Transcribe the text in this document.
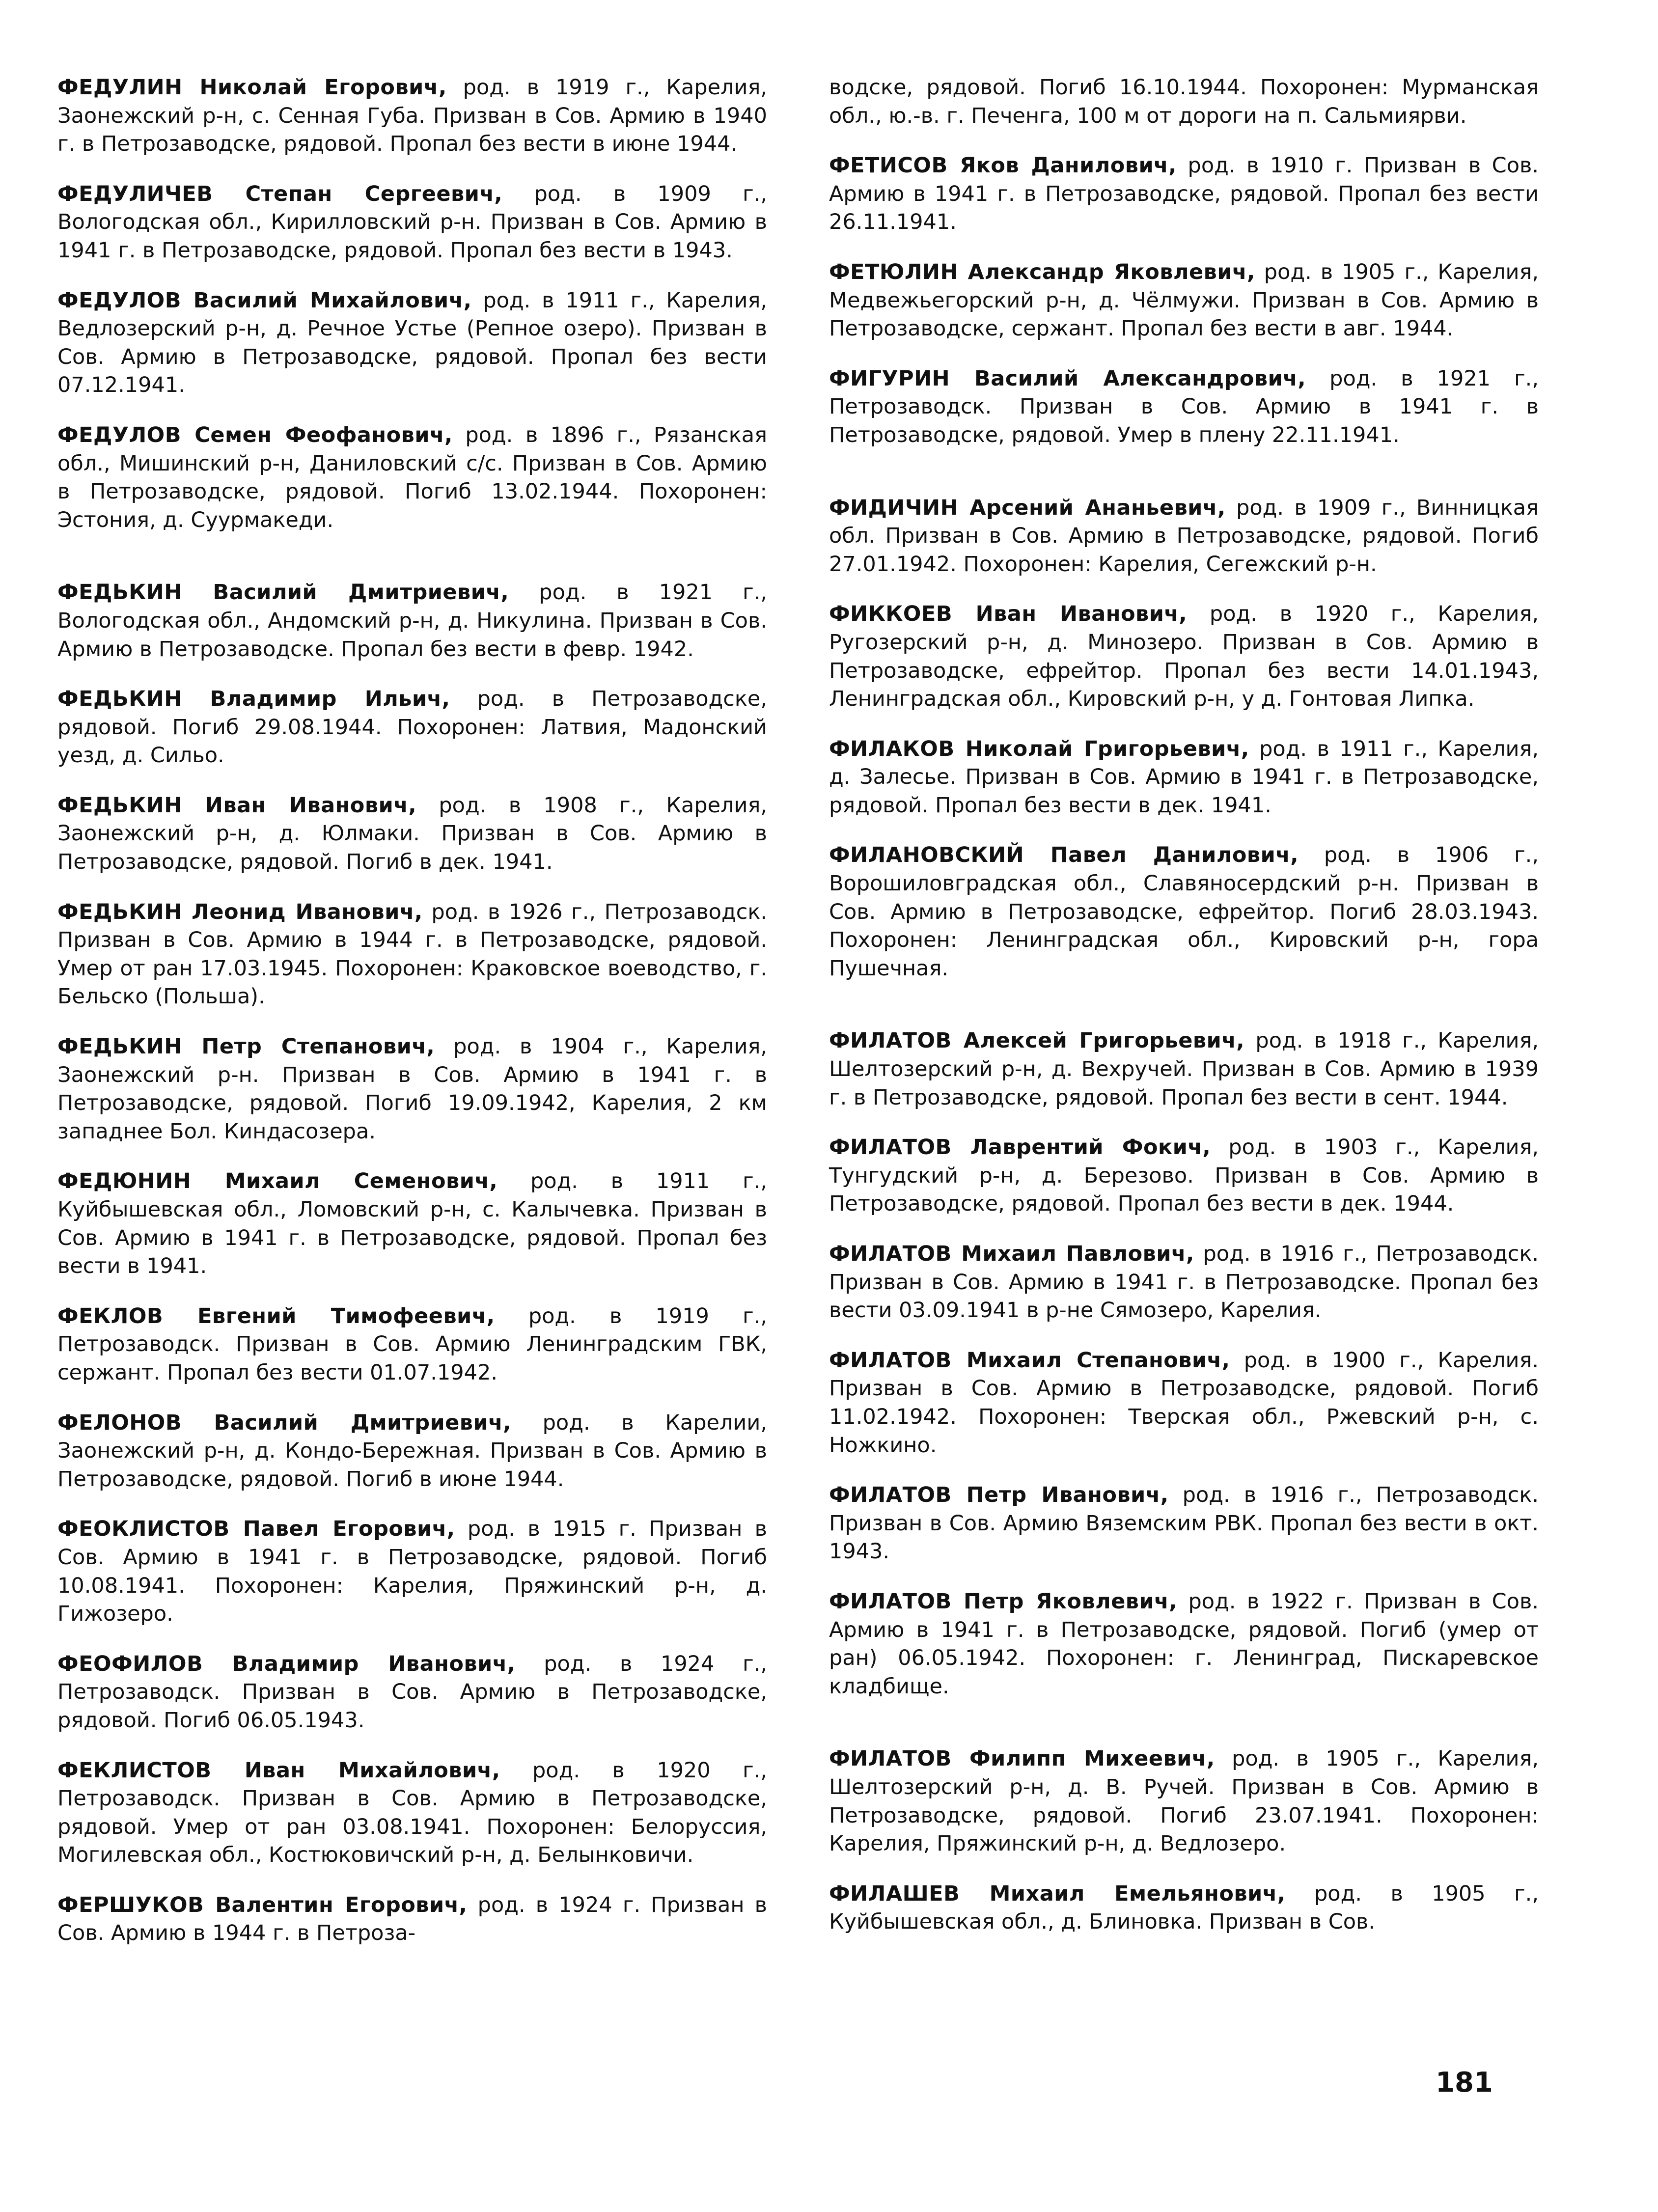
ФЕДУЛИН Николай Егорович, род. в 1919 г., Карелия, Заонежский р-н, с. Сенная Губа. Призван в Сов. Армию в 1940 г. в Петрозаводске, рядовой. Пропал без вести в июне 1944.

ФЕДУЛИЧЕВ Степан Сергеевич, род. в 1909 г., Вологодская обл., Кирилловский р-н. Призван в Сов. Армию в 1941 г. в Петрозаводске, рядовой. Пропал без вести в 1943.

ФЕДУЛОВ Василий Михайлович, род. в 1911 г., Карелия, Ведлозерский р-н, д. Речное Устье (Репное озеро). Призван в Сов. Армию в Петрозаводске, рядовой. Пропал без вести 07.12.1941.

ФЕДУЛОВ Семен Феофанович, род. в 1896 г., Рязанская обл., Мишинский р-н, Даниловский с/с. Призван в Сов. Армию в Петрозаводске, рядовой. Погиб 13.02.1944. Похоронен: Эстония, д. Суурмакеди.

ФЕДЬКИН Василий Дмитриевич, род. в 1921 г., Вологодская обл., Андомский р-н, д. Никулина. Призван в Сов. Армию в Петрозаводске. Пропал без вести в февр. 1942.

ФЕДЬКИН Владимир Ильич, род. в Петрозаводске, рядовой. Погиб 29.08.1944. Похоронен: Латвия, Мадонский уезд, д. Сильо.

ФЕДЬКИН Иван Иванович, род. в 1908 г., Карелия, Заонежский р-н, д. Юлмаки. Призван в Сов. Армию в Петрозаводске, рядовой. Погиб в дек. 1941.

ФЕДЬКИН Леонид Иванович, род. в 1926 г., Петрозаводск. Призван в Сов. Армию в 1944 г. в Петрозаводске, рядовой. Умер от ран 17.03.1945. Похоронен: Краковское воеводство, г. Бельско (Польша).

ФЕДЬКИН Петр Степанович, род. в 1904 г., Карелия, Заонежский р-н. Призван в Сов. Армию в 1941 г. в Петрозаводске, рядовой. Погиб 19.09.1942, Карелия, 2 км западнее Бол. Киндасозера.

ФЕДЮНИН Михаил Семенович, род. в 1911 г., Куйбышевская обл., Ломовский р-н, с. Калычевка. Призван в Сов. Армию в 1941 г. в Петрозаводске, рядовой. Пропал без вести в 1941.

ФЕКЛОВ Евгений Тимофеевич, род. в 1919 г., Петрозаводск. Призван в Сов. Армию Ленинградским ГВК, сержант. Пропал без вести 01.07.1942.

ФЕЛОНОВ Василий Дмитриевич, род. в Карелии, Заонежский р-н, д. Кондо-Бережная. Призван в Сов. Армию в Петрозаводске, рядовой. Погиб в июне 1944.

ФЕОКЛИСТОВ Павел Егорович, род. в 1915 г. Призван в Сов. Армию в 1941 г. в Петрозаводске, рядовой. Погиб 10.08.1941. Похоронен: Карелия, Пряжинский р-н, д. Гижозеро.

ФЕОФИЛОВ Владимир Иванович, род. в 1924 г., Петрозаводск. Призван в Сов. Армию в Петрозаводске, рядовой. Погиб 06.05.1943.

ФЕКЛИСТОВ Иван Михайлович, род. в 1920 г., Петрозаводск. Призван в Сов. Армию в Петрозаводске, рядовой. Умер от ран 03.08.1941. Похоронен: Белоруссия, Могилевская обл., Костюковичский р-н, д. Белынковичи.

ФЕРШУКОВ Валентин Егорович, род. в 1924 г. Призван в Сов. Армию в 1944 г. в Петроза-

водске, рядовой. Погиб 16.10.1944. Похоронен: Мурманская обл., ю.-в. г. Печенга, 100 м от дороги на п. Сальмиярви.

ФЕТИСОВ Яков Данилович, род. в 1910 г. Призван в Сов. Армию в 1941 г. в Петрозаводске, рядовой. Пропал без вести 26.11.1941.

ФЕТЮЛИН Александр Яковлевич, род. в 1905 г., Карелия, Медвежьегорский р-н, д. Чёлмужи. Призван в Сов. Армию в Петрозаводске, сержант. Пропал без вести в авг. 1944.

ФИГУРИН Василий Александрович, род. в 1921 г., Петрозаводск. Призван в Сов. Армию в 1941 г. в Петрозаводске, рядовой. Умер в плену 22.11.1941.

ФИДИЧИН Арсений Ананьевич, род. в 1909 г., Винницкая обл. Призван в Сов. Армию в Петрозаводске, рядовой. Погиб 27.01.1942. Похоронен: Карелия, Сегежский р-н.

ФИККОЕВ Иван Иванович, род. в 1920 г., Карелия, Ругозерский р-н, д. Минозеро. Призван в Сов. Армию в Петрозаводске, ефрейтор. Пропал без вести 14.01.1943, Ленинградская обл., Кировский р-н, у д. Гонтовая Липка.

ФИЛАКОВ Николай Григорьевич, род. в 1911 г., Карелия, д. Залесье. Призван в Сов. Армию в 1941 г. в Петрозаводске, рядовой. Пропал без вести в дек. 1941.

ФИЛАНОВСКИЙ Павел Данилович, род. в 1906 г., Ворошиловградская обл., Славяносердский р-н. Призван в Сов. Армию в Петрозаводске, ефрейтор. Погиб 28.03.1943. Похоронен: Ленинградская обл., Кировский р-н, гора Пушечная.

ФИЛАТОВ Алексей Григорьевич, род. в 1918 г., Карелия, Шелтозерский р-н, д. Вехручей. Призван в Сов. Армию в 1939 г. в Петрозаводске, рядовой. Пропал без вести в сент. 1944.

ФИЛАТОВ Лаврентий Фокич, род. в 1903 г., Карелия, Тунгудский р-н, д. Березово. Призван в Сов. Армию в Петрозаводске, рядовой. Пропал без вести в дек. 1944.

ФИЛАТОВ Михаил Павлович, род. в 1916 г., Петрозаводск. Призван в Сов. Армию в 1941 г. в Петрозаводске. Пропал без вести 03.09.1941 в р-не Сямозеро, Карелия.

ФИЛАТОВ Михаил Степанович, род. в 1900 г., Карелия. Призван в Сов. Армию в Петрозаводске, рядовой. Погиб 11.02.1942. Похоронен: Тверская обл., Ржевский р-н, с. Ножкино.

ФИЛАТОВ Петр Иванович, род. в 1916 г., Петрозаводск. Призван в Сов. Армию Вяземским РВК. Пропал без вести в окт. 1943.

ФИЛАТОВ Петр Яковлевич, род. в 1922 г. Призван в Сов. Армию в 1941 г. в Петрозаводске, рядовой. Погиб (умер от ран) 06.05.1942. Похоронен: г. Ленинград, Пискаревское кладбище.

ФИЛАТОВ Филипп Михеевич, род. в 1905 г., Карелия, Шелтозерский р-н, д. В. Ручей. Призван в Сов. Армию в Петрозаводске, рядовой. Погиб 23.07.1941. Похоронен: Карелия, Пряжинский р-н, д. Ведлозеро.

ФИЛАШЕВ Михаил Емельянович, род. в 1905 г., Куйбышевская обл., д. Блиновка. Призван в Сов.

181
